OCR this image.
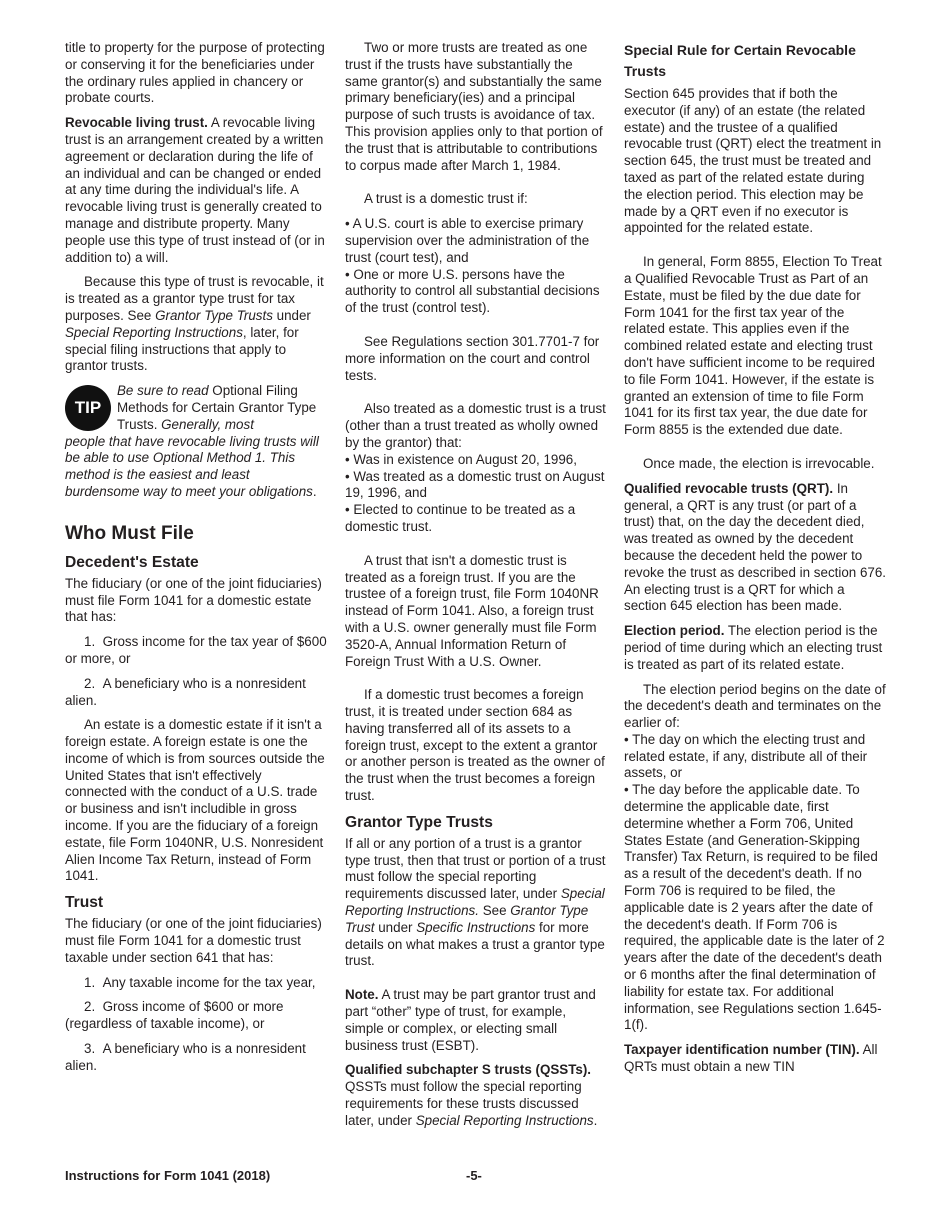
title to property for the purpose of protecting or conserving it for the beneficiaries under the ordinary rules applied in chancery or probate courts.

Revocable living trust. A revocable living trust is an arrangement created by a written agreement or declaration during the life of an individual and can be changed or ended at any time during the individual's life. A revocable living trust is generally created to manage and distribute property. Many people use this type of trust instead of (or in addition to) a will.

Because this type of trust is revocable, it is treated as a grantor type trust for tax purposes. See Grantor Type Trusts under Special Reporting Instructions, later, for special filing instructions that apply to grantor trusts.

TIP
Be sure to read Optional Filing Methods for Certain Grantor Type Trusts. Generally, most
people that have revocable living trusts will be able to use Optional Method 1. This method is the easiest and least burdensome way to meet your obligations.
Who Must File
Decedent's Estate

The fiduciary (or one of the joint fiduciaries) must file Form 1041 for a domestic estate that has:

1.  Gross income for the tax year of $600 or more, or

2.  A beneficiary who is a nonresident alien.

An estate is a domestic estate if it isn't a foreign estate. A foreign estate is one the income of which is from sources outside the United States that isn't effectively connected with the conduct of a U.S. trade or business and isn't includible in gross income. If you are the fiduciary of a foreign estate, file Form 1040NR, U.S. Nonresident Alien Income Tax Return, instead of Form 1041.

Trust

The fiduciary (or one of the joint fiduciaries) must file Form 1041 for a domestic trust taxable under section 641 that has:

1.  Any taxable income for the tax year,

2.  Gross income of $600 or more (regardless of taxable income), or

3.  A beneficiary who is a nonresident alien.

Two or more trusts are treated as one trust if the trusts have substantially the same grantor(s) and substantially the same primary beneficiary(ies) and a principal purpose of such trusts is avoidance of tax. This provision applies only to that portion of the trust that is attributable to contributions to corpus made after March 1, 1984.

A trust is a domestic trust if:

• A U.S. court is able to exercise primary supervision over the administration of the trust (court test), and
• One or more U.S. persons have the authority to control all substantial decisions of the trust (control test).

See Regulations section 301.7701-7 for more information on the court and control tests.

Also treated as a domestic trust is a trust (other than a trust treated as wholly owned by the grantor) that:

• Was in existence on August 20, 1996,
• Was treated as a domestic trust on August 19, 1996, and
• Elected to continue to be treated as a domestic trust.

A trust that isn't a domestic trust is treated as a foreign trust. If you are the trustee of a foreign trust, file Form 1040NR instead of Form 1041. Also, a foreign trust with a U.S. owner generally must file Form 3520-A, Annual Information Return of Foreign Trust With a U.S. Owner.

If a domestic trust becomes a foreign trust, it is treated under section 684 as having transferred all of its assets to a foreign trust, except to the extent a grantor or another person is treated as the owner of the trust when the trust becomes a foreign trust.

Grantor Type Trusts

If all or any portion of a trust is a grantor type trust, then that trust or portion of a trust must follow the special reporting requirements discussed later, under Special Reporting Instructions. See Grantor Type Trust under Specific Instructions for more details on what makes a trust a grantor type trust.

Note. A trust may be part grantor trust and part “other” type of trust, for example, simple or complex, or electing small business trust (ESBT).

Qualified subchapter S trusts (QSSTs). QSSTs must follow the special reporting requirements for these trusts discussed later, under Special Reporting Instructions.

Special Rule for Certain Revocable Trusts

Section 645 provides that if both the executor (if any) of an estate (the related estate) and the trustee of a qualified revocable trust (QRT) elect the treatment in section 645, the trust must be treated and taxed as part of the related estate during the election period. This election may be made by a QRT even if no executor is appointed for the related estate.

In general, Form 8855, Election To Treat a Qualified Revocable Trust as Part of an Estate, must be filed by the due date for Form 1041 for the first tax year of the related estate. This applies even if the combined related estate and electing trust don't have sufficient income to be required to file Form 1041. However, if the estate is granted an extension of time to file Form 1041 for its first tax year, the due date for Form 8855 is the extended due date.

Once made, the election is irrevocable.

Qualified revocable trusts (QRT). In general, a QRT is any trust (or part of a trust) that, on the day the decedent died, was treated as owned by the decedent because the decedent held the power to revoke the trust as described in section 676. An electing trust is a QRT for which a section 645 election has been made.

Election period. The election period is the period of time during which an electing trust is treated as part of its related estate.

The election period begins on the date of the decedent's death and terminates on the earlier of:

• The day on which the electing trust and related estate, if any, distribute all of their assets, or
• The day before the applicable date. To determine the applicable date, first determine whether a Form 706, United States Estate (and Generation-Skipping Transfer) Tax Return, is required to be filed as a result of the decedent's death. If no Form 706 is required to be filed, the applicable date is 2 years after the date of the decedent's death. If Form 706 is required, the applicable date is the later of 2 years after the date of the decedent's death or 6 months after the final determination of liability for estate tax. For additional information, see Regulations section 1.645-1(f).

Taxpayer identification number (TIN). All QRTs must obtain a new TIN

Instructions for Form 1041 (2018)	-5-
